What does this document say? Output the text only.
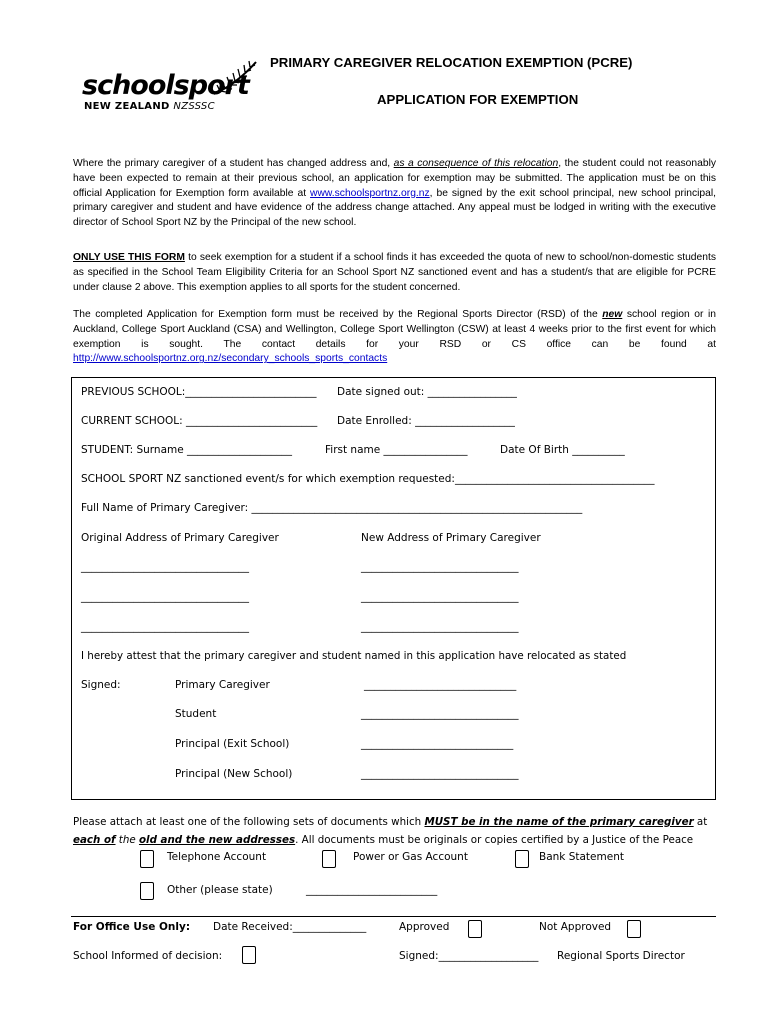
schoolsport
NEW ZEALAND NZSSSC
PRIMARY CAREGIVER RELOCATION EXEMPTION (PCRE)
APPLICATION FOR EXEMPTION
Where the primary caregiver of a student has changed address and, as a consequence of this relocation, the student could not reasonably have been expected to remain at their previous school, an application for exemption may be submitted. The application must be on this official Application for Exemption form available at www.schoolsportnz.org.nz, be signed by the exit school principal, new school principal, primary caregiver and student and have evidence of the address change attached. Any appeal must be lodged in writing with the executive director of School Sport NZ by the Principal of the new school.
ONLY USE THIS FORM to seek exemption for a student if a school finds it has exceeded the quota of new to school/non-domestic students as specified in the School Team Eligibility Criteria for an School Sport NZ sanctioned event and has a student/s that are eligible for PCRE under clause 2 above. This exemption applies to all sports for the student concerned.
The completed Application for Exemption form must be received by the Regional Sports Director (RSD) of the new school region or in Auckland, College Sport Auckland (CSA) and Wellington, College Sport Wellington (CSW) at least 4 weeks prior to the first event for which exemption is sought. The contact details for your RSD or CS office can be found at http://www.schoolsportnz.org.nz/secondary_schools_sports_contacts
PREVIOUS SCHOOL:_________________________ Date signed out: _________________
CURRENT SCHOOL: _________________________ Date Enrolled: ___________________
STUDENT: Surname ____________________	First name ________________	Date Of Birth __________
SCHOOL SPORT NZ sanctioned event/s for which exemption requested:______________________________________
Full Name of Primary Caregiver: _______________________________________________________________
Original Address of Primary Caregiver	New Address of Primary Caregiver
________________________________	______________________________
________________________________	______________________________
________________________________	______________________________
I hereby attest that the primary caregiver and student named in this application have relocated as stated
Signed:	Primary Caregiver	_____________________________
Student	______________________________
Principal (Exit School)	_____________________________
Principal (New School)	______________________________
Please attach at least one of the following sets of documents which MUST be in the name of the primary caregiver at
each of the old and the new addresses. All documents must be originals or copies certified by a Justice of the Peace
Telephone Account	Power or Gas Account	Bank Statement
Other (please state)	_________________________
For Office Use Only: Date Received:______________	Approved	Not Approved
School Informed of decision:	Signed:___________________ Regional Sports Director
